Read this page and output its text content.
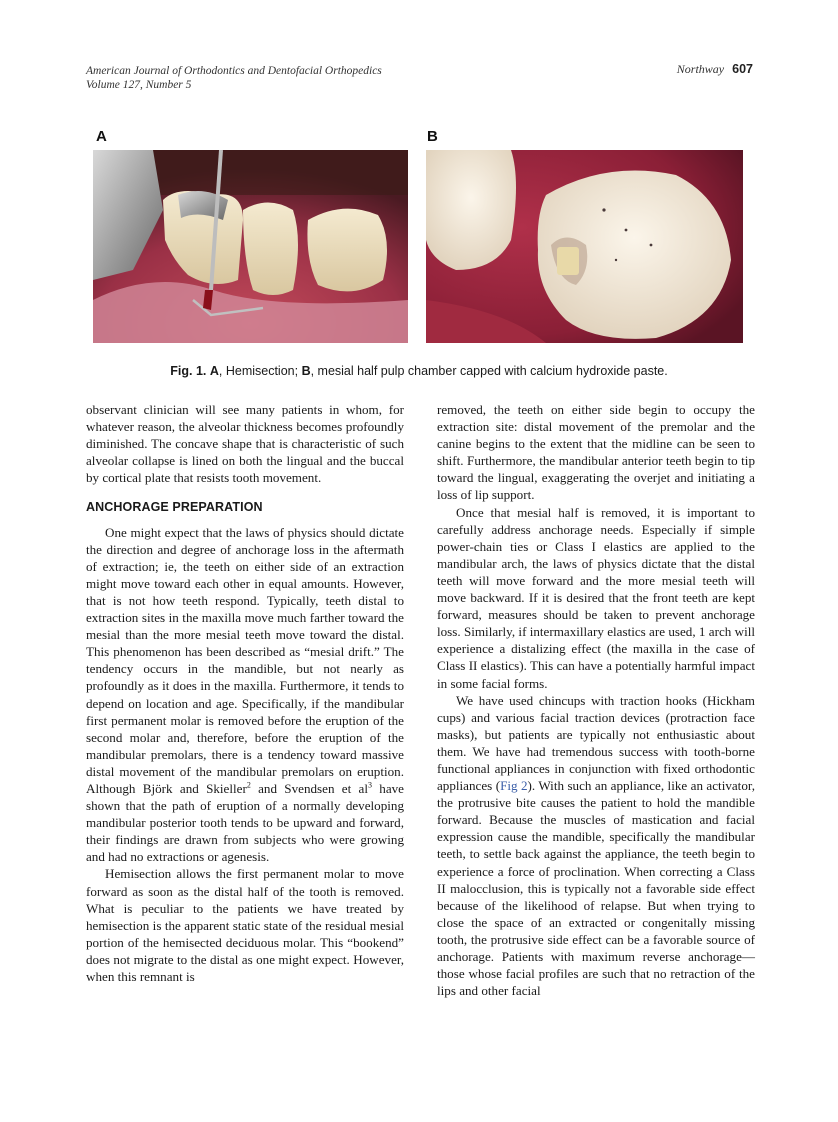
American Journal of Orthodontics and Dentofacial Orthopedics
Volume 127, Number 5
Northway 607
A	B
Fig. 1. A, Hemisection; B, mesial half pulp chamber capped with calcium hydroxide paste.

observant clinician will see many patients in whom, for whatever reason, the alveolar thickness becomes profoundly diminished. The concave shape that is characteristic of such alveolar collapse is lined on both the lingual and the buccal by cortical plate that resists tooth movement.

ANCHORAGE PREPARATION

One might expect that the laws of physics should dictate the direction and degree of anchorage loss in the aftermath of extraction; ie, the teeth on either side of an extraction might move toward each other in equal amounts. However, that is not how teeth respond. Typically, teeth distal to extraction sites in the maxilla move much farther toward the mesial than the more mesial teeth move toward the distal. This phenomenon has been described as “mesial drift.” The tendency occurs in the mandible, but not nearly as profoundly as it does in the maxilla. Furthermore, it tends to depend on location and age. Specifically, if the mandibular first permanent molar is removed before the eruption of the second molar and, therefore, before the eruption of the mandibular premolars, there is a tendency toward massive distal movement of the mandibular premolars on eruption. Although Björk and Skieller$^2$ and Svendsen et $al^3$ have shown that the path of eruption of a normally developing mandibular posterior tooth tends to be upward and forward, their findings are drawn from subjects who were growing and had no extractions or agenesis.

Hemisection allows the first permanent molar to move forward as soon as the distal half of the tooth is removed. What is peculiar to the patients we have treated by hemisection is the apparent static state of the residual mesial portion of the hemisected deciduous molar. This “bookend” does not migrate to the distal as one might expect. However, when this remnant is

removed, the teeth on either side begin to occupy the extraction site: distal movement of the premolar and the canine begins to the extent that the midline can be seen to shift. Furthermore, the mandibular anterior teeth begin to tip toward the lingual, exaggerating the overjet and initiating a loss of lip support.

Once that mesial half is removed, it is important to carefully address anchorage needs. Especially if simple power-chain ties or Class I elastics are applied to the mandibular arch, the laws of physics dictate that the distal teeth will move forward and the more mesial teeth will move backward. If it is desired that the front teeth are kept forward, measures should be taken to prevent anchorage loss. Similarly, if intermaxillary elastics are used, 1 arch will experience a distalizing effect (the maxilla in the case of Class II elastics). This can have a potentially harmful impact in some facial forms.

We have used chincups with traction hooks (Hickham cups) and various facial traction devices (protraction face masks), but patients are typically not enthusiastic about them. We have had tremendous success with tooth-borne functional appliances in conjunction with fixed orthodontic appliances (Fig 2). With such an appliance, like an activator, the protrusive bite causes the patient to hold the mandible forward. Because the muscles of mastication and facial expression cause the mandible, specifically the mandibular teeth, to settle back against the appliance, the teeth begin to experience a force of proclination. When correcting a Class II malocclusion, this is typically not a favorable side effect because of the likelihood of relapse. But when trying to close the space of an extracted or congenitally missing tooth, the protrusive side effect can be a favorable source of anchorage. Patients with maximum reverse anchorage—those whose facial profiles are such that no retraction of the lips and other facial
